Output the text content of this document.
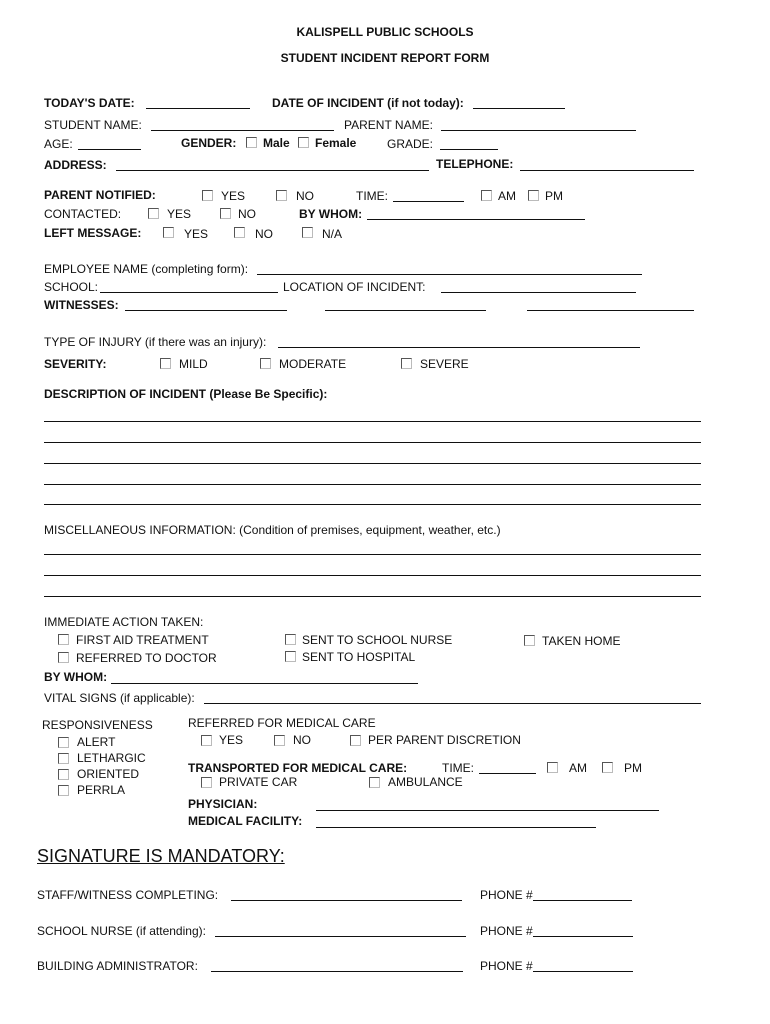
KALISPELL PUBLIC SCHOOLS
STUDENT INCIDENT REPORT FORM
TODAY'S DATE:	DATE OF INCIDENT (if not today):
STUDENT NAME:	PARENT NAME:
AGE:	GENDER: Male Female	GRADE:
ADDRESS:	TELEPHONE:
PARENT NOTIFIED:	YES	NO	TIME:	AM PM
CONTACTED:	YES	NO	BY WHOM:
LEFT MESSAGE:	YES	NO	N/A
EMPLOYEE NAME (completing form):
SCHOOL:	LOCATION OF INCIDENT:
WITNESSES:
TYPE OF INJURY (if there was an injury):
SEVERITY:	MILD	MODERATE	SEVERE
DESCRIPTION OF INCIDENT (Please Be Specific):
MISCELLANEOUS INFORMATION: (Condition of premises, equipment, weather, etc.)
IMMEDIATE ACTION TAKEN:
FIRST AID TREATMENT	SENT TO SCHOOL NURSE	TAKEN HOME
REFERRED TO DOCTOR	SENT TO HOSPITAL
BY WHOM:
VITAL SIGNS (if applicable):
RESPONSIVENESS
ALERT
LETHARGIC
ORIENTED
PERRLA
REFERRED FOR MEDICAL CARE
YES	NO	PER PARENT DISCRETION
TRANSPORTED FOR MEDICAL CARE:	TIME:	AM	PM
PRIVATE CAR	AMBULANCE
PHYSICIAN:
MEDICAL FACILITY:
SIGNATURE IS MANDATORY:
STAFF/WITNESS COMPLETING:	PHONE #
SCHOOL NURSE (if attending):	PHONE #
BUILDING ADMINISTRATOR:	PHONE #
